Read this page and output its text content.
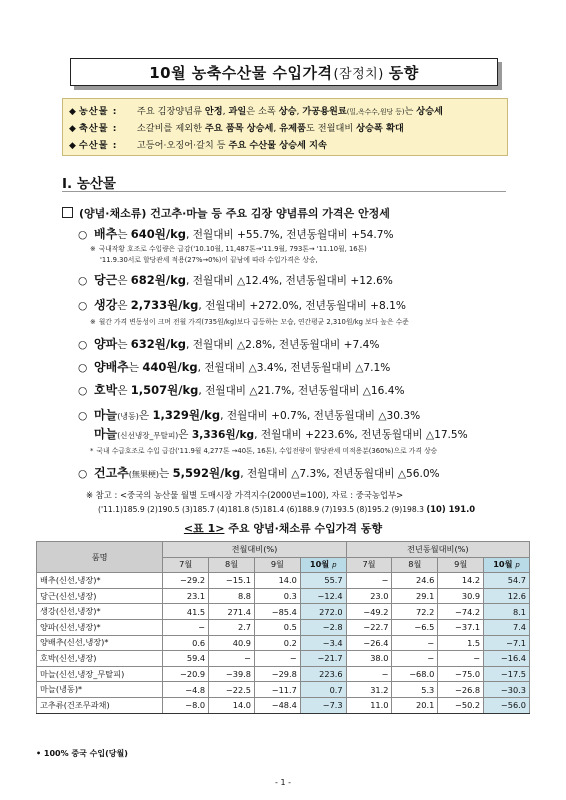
10월 농축수산물 수입가격 (잠정치) 동향
◆ 농산물 : 주요 김장양념류 안정, 과일은 소폭 상승, 가공용원료(밀,옥수수,원당 등)는 상승세
◆ 축산물 : 소갈비를 제외한 주요 품목 상승세, 유제품도 전월대비 상승폭 확대
◆ 수산물 : 고등어·오징어·갈치 등 주요 수산물 상승세 지속
Ⅰ. 농산물
(양념·채소류) 건고추·마늘 등 주요 김장 양념류의 가격은 안정세
○ 배추는 640원/kg, 전월대비 +55.7%, 전년동월대비 +54.7%
※ 국내작황 호조로 수입량은 급감('10.10월, 11,487톤→'11.9월, 793톤→ '11.10월, 16톤)
'11.9.30서로 할당관세 적용(27%→0%)이 끝남에 따라 수입가격은 상승,
○ 당근은 682원/kg, 전월대비 △12.4%, 전년동월대비 +12.6%
○ 생강은 2,733원/kg, 전월대비 +272.0%, 전년동월대비 +8.1%
※ 월간 가격 변동성이 크며 전월 가격(735원/kg)보다 급등하는 모습, 연간평균 2,310원/kg 보다 높은 수준
○ 양파는 632원/kg, 전월대비 △2.8%, 전년동월대비 +7.4%
○ 양배추는 440원/kg, 전월대비 △3.4%, 전년동월대비 △7.1%
○ 호박은 1,507원/kg, 전월대비 △21.7%, 전년동월대비 △16.4%
○ 마늘(냉동)은 1,329원/kg, 전월대비 +0.7%, 전년동월대비 △30.3%
마늘(신선냉장_무탈피)은 3,336원/kg, 전월대비 +223.6%, 전년동월대비 △17.5%
* 국내 수급호조로 수입 급감('11.9월 4,277톤 →40톤, 16톤), 수입전량이 할당관세 미적용분(360%)으로 가격 상승
○ 건고추(無果梗)는 5,592원/kg, 전월대비 △7.3%, 전년동월대비 △56.0%
※ 참고 : <중국의 농산물 월별 도매시장 가격지수(2000년=100), 자료 : 중국농업부>
('11.1)185.9 (2)190.5 (3)185.7 (4)181.8 (5)181.4 (6)188.9 (7)193.5 (8)195.2 (9)198.3 (10) 191.0
<표 1> 주요 양념·채소류 수입가격 동향
품명	전월대비(%)				전년동월대비(%)			
	7월	8월	9월	10월 p	7월	8월	9월	10월 p
배추(신선,냉장)*	−29.2	−15.1	14.0	55.7	−	24.6	14.2	54.7
당근(신선,냉장)	23.1	8.8	0.3	−12.4	23.0	29.1	30.9	12.6
생강(신선,냉장)*	41.5	271.4	−85.4	272.0	−49.2	72.2	−74.2	8.1
양파(신선,냉장)*	−	2.7	0.5	−2.8	−22.7	−6.5	−37.1	7.4
양배추(신선,냉장)*	0.6	40.9	0.2	−3.4	−26.4	−	1.5	−7.1
호박(신선,냉장)	59.4	−	−	−21.7	38.0	−	−	−16.4
마늘(신선,냉장_무탈피)	−20.9	−39.8	−29.8	223.6	−	−68.0	−75.0	−17.5
마늘(냉동)*	−4.8	−22.5	−11.7	0.7	31.2	5.3	−26.8	−30.3
고추류(건조무과채)	−8.0	14.0	−48.4	−7.3	11.0	20.1	−50.2	−56.0
• 100% 중국 수입(당월)
- 1 -
